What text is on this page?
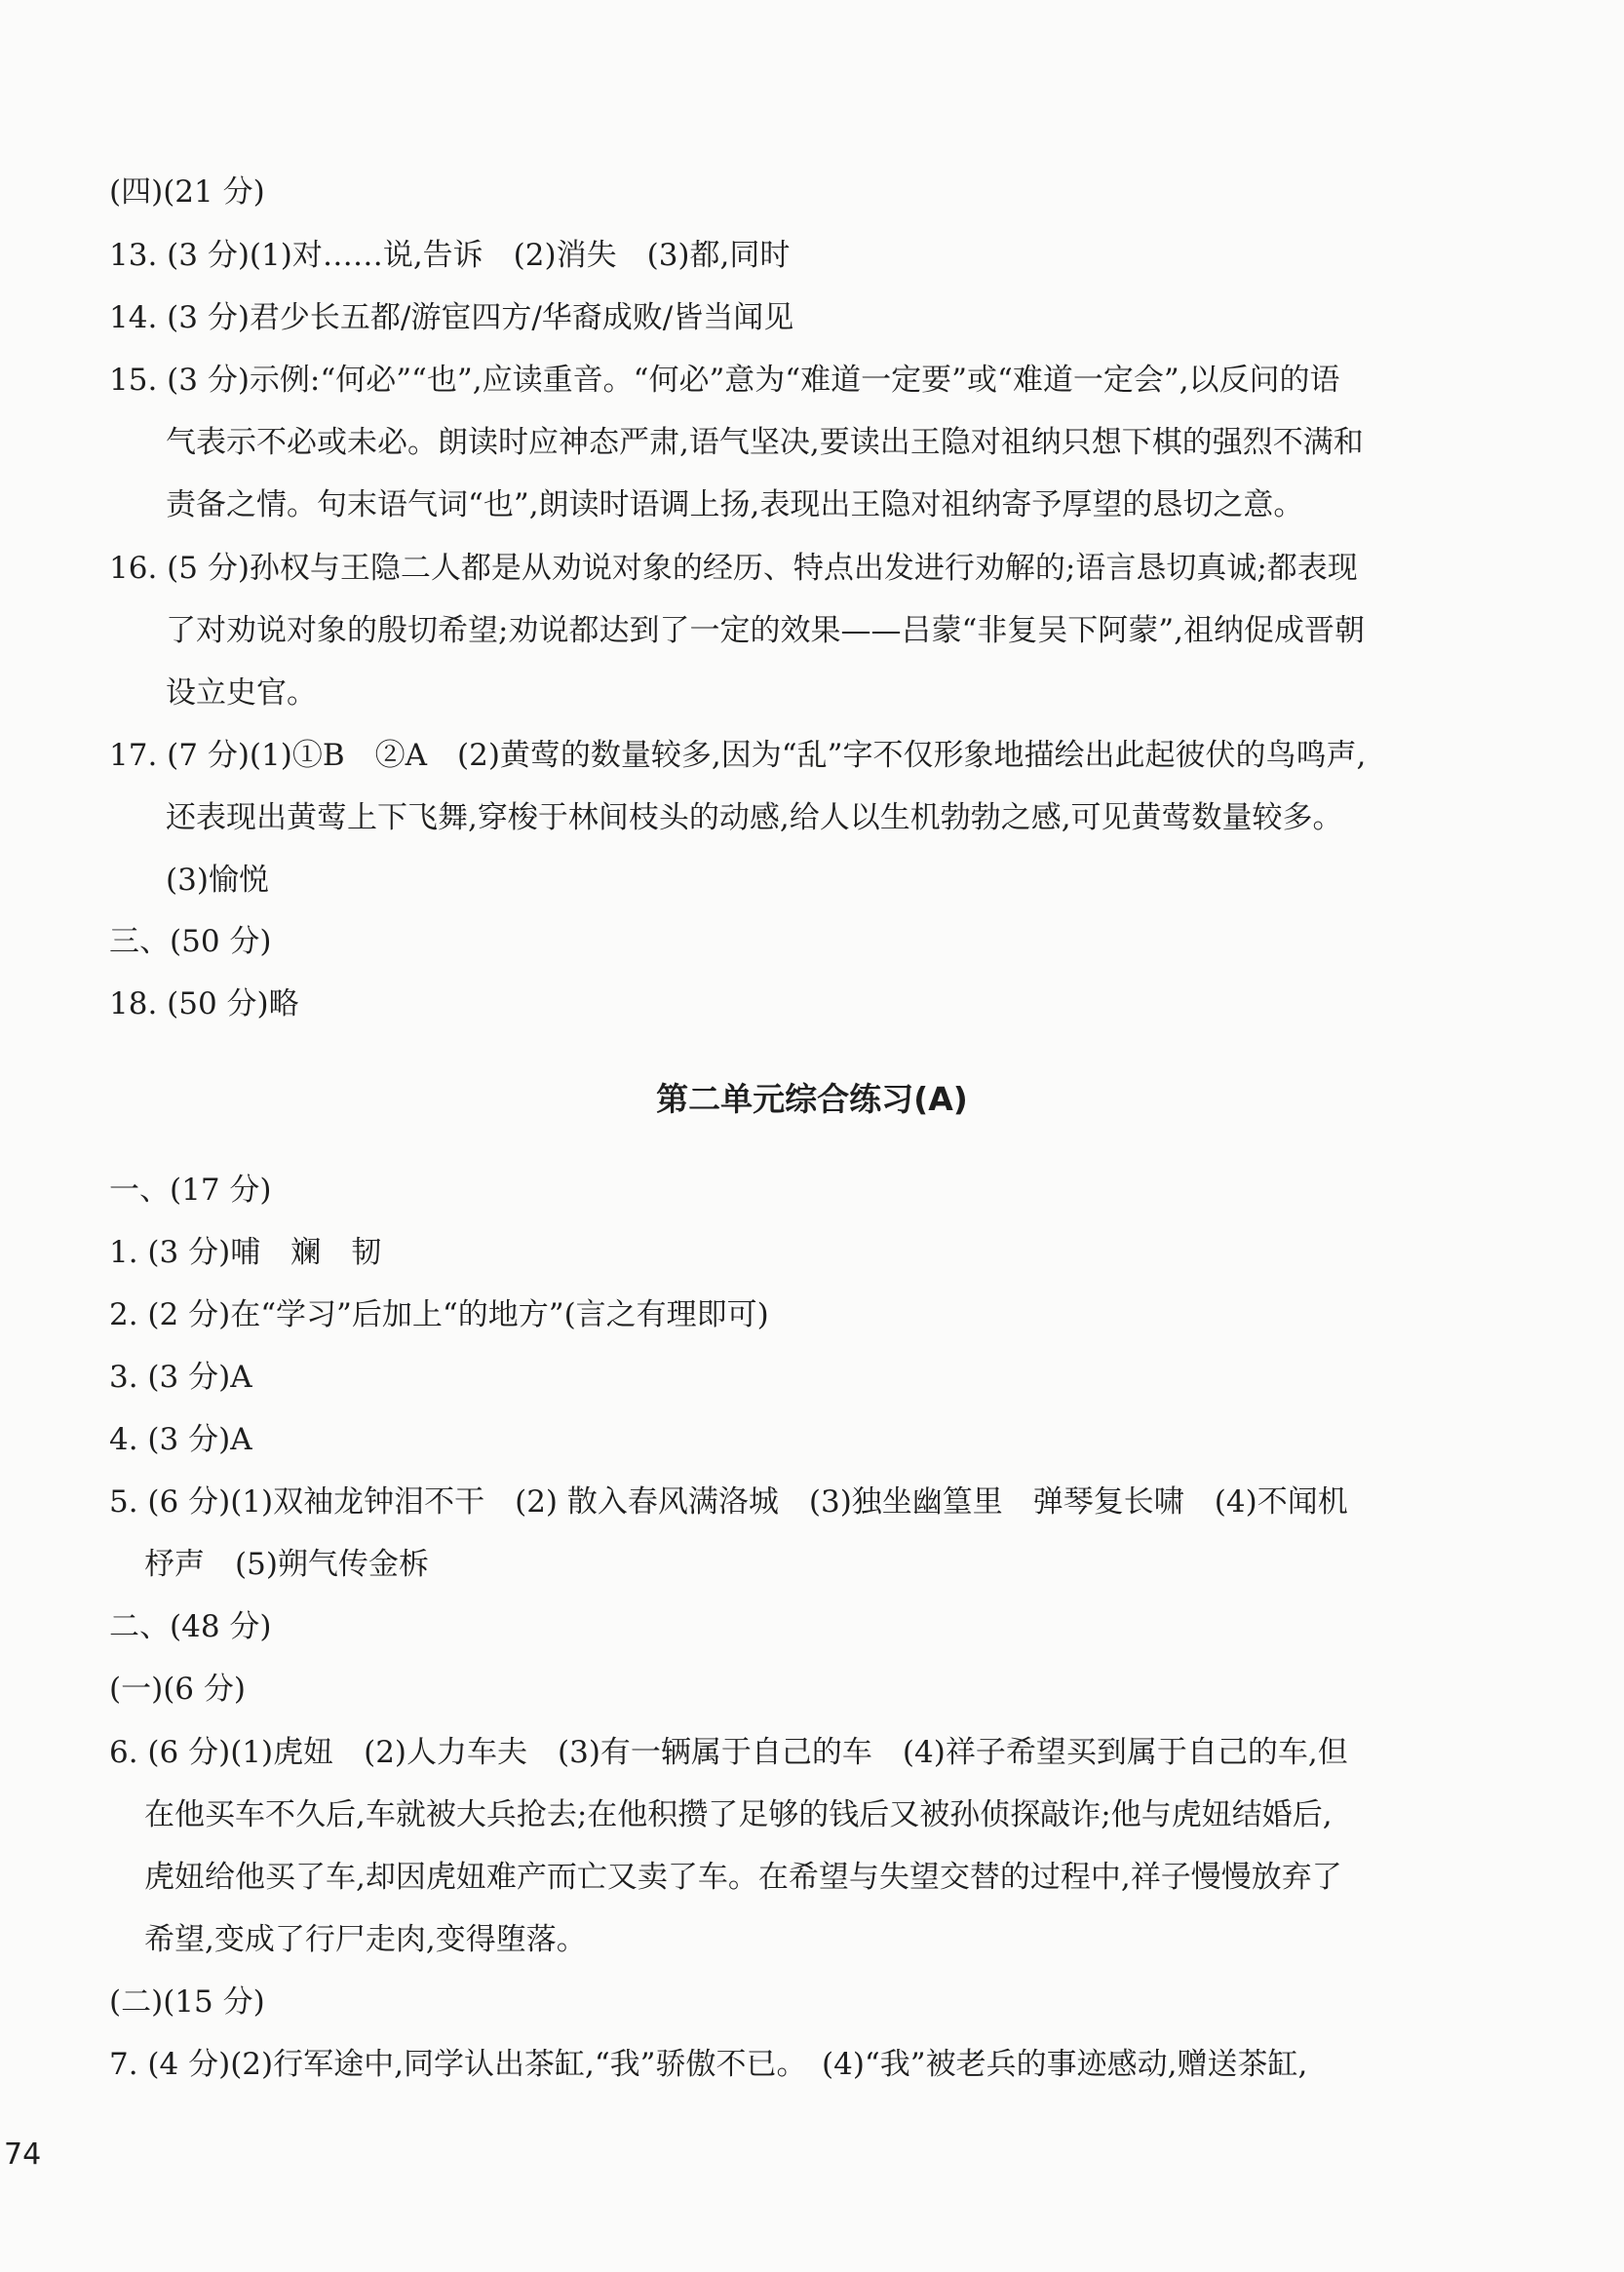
(四)(21 分)
13. (3 分)(1)对……说,告诉　(2)消失　(3)都,同时
14. (3 分)君少长五都/游宦四方/华裔成败/皆当闻见
15. (3 分)示例:“何必”“也”,应读重音。“何必”意为“难道一定要”或“难道一定会”,以反问的语
气表示不必或未必。朗读时应神态严肃,语气坚决,要读出王隐对祖纳只想下棋的强烈不满和
责备之情。句末语气词“也”,朗读时语调上扬,表现出王隐对祖纳寄予厚望的恳切之意。
16. (5 分)孙权与王隐二人都是从劝说对象的经历、特点出发进行劝解的;语言恳切真诚;都表现
了对劝说对象的殷切希望;劝说都达到了一定的效果——吕蒙“非复吴下阿蒙”,祖纳促成晋朝
设立史官。
17. (7 分)(1)①B　②A　(2)黄莺的数量较多,因为“乱”字不仅形象地描绘出此起彼伏的鸟鸣声,
还表现出黄莺上下飞舞,穿梭于林间枝头的动感,给人以生机勃勃之感,可见黄莺数量较多。
(3)愉悦
三、(50 分)
18. (50 分)略
第二单元综合练习(A)
一、(17 分)
1. (3 分)哺　斓　韧
2. (2 分)在“学习”后加上“的地方”(言之有理即可)
3. (3 分)A
4. (3 分)A
5. (6 分)(1)双袖龙钟泪不干　(2) 散入春风满洛城　(3)独坐幽篁里　弹琴复长啸　(4)不闻机
杼声　(5)朔气传金柝
二、(48 分)
(一)(6 分)
6. (6 分)(1)虎妞　(2)人力车夫　(3)有一辆属于自己的车　(4)祥子希望买到属于自己的车,但
在他买车不久后,车就被大兵抢去;在他积攒了足够的钱后又被孙侦探敲诈;他与虎妞结婚后,
虎妞给他买了车,却因虎妞难产而亡又卖了车。在希望与失望交替的过程中,祥子慢慢放弃了
希望,变成了行尸走肉,变得堕落。
(二)(15 分)
7. (4 分)(2)行军途中,同学认出茶缸,“我”骄傲不已。　(4)“我”被老兵的事迹感动,赠送茶缸,
74
